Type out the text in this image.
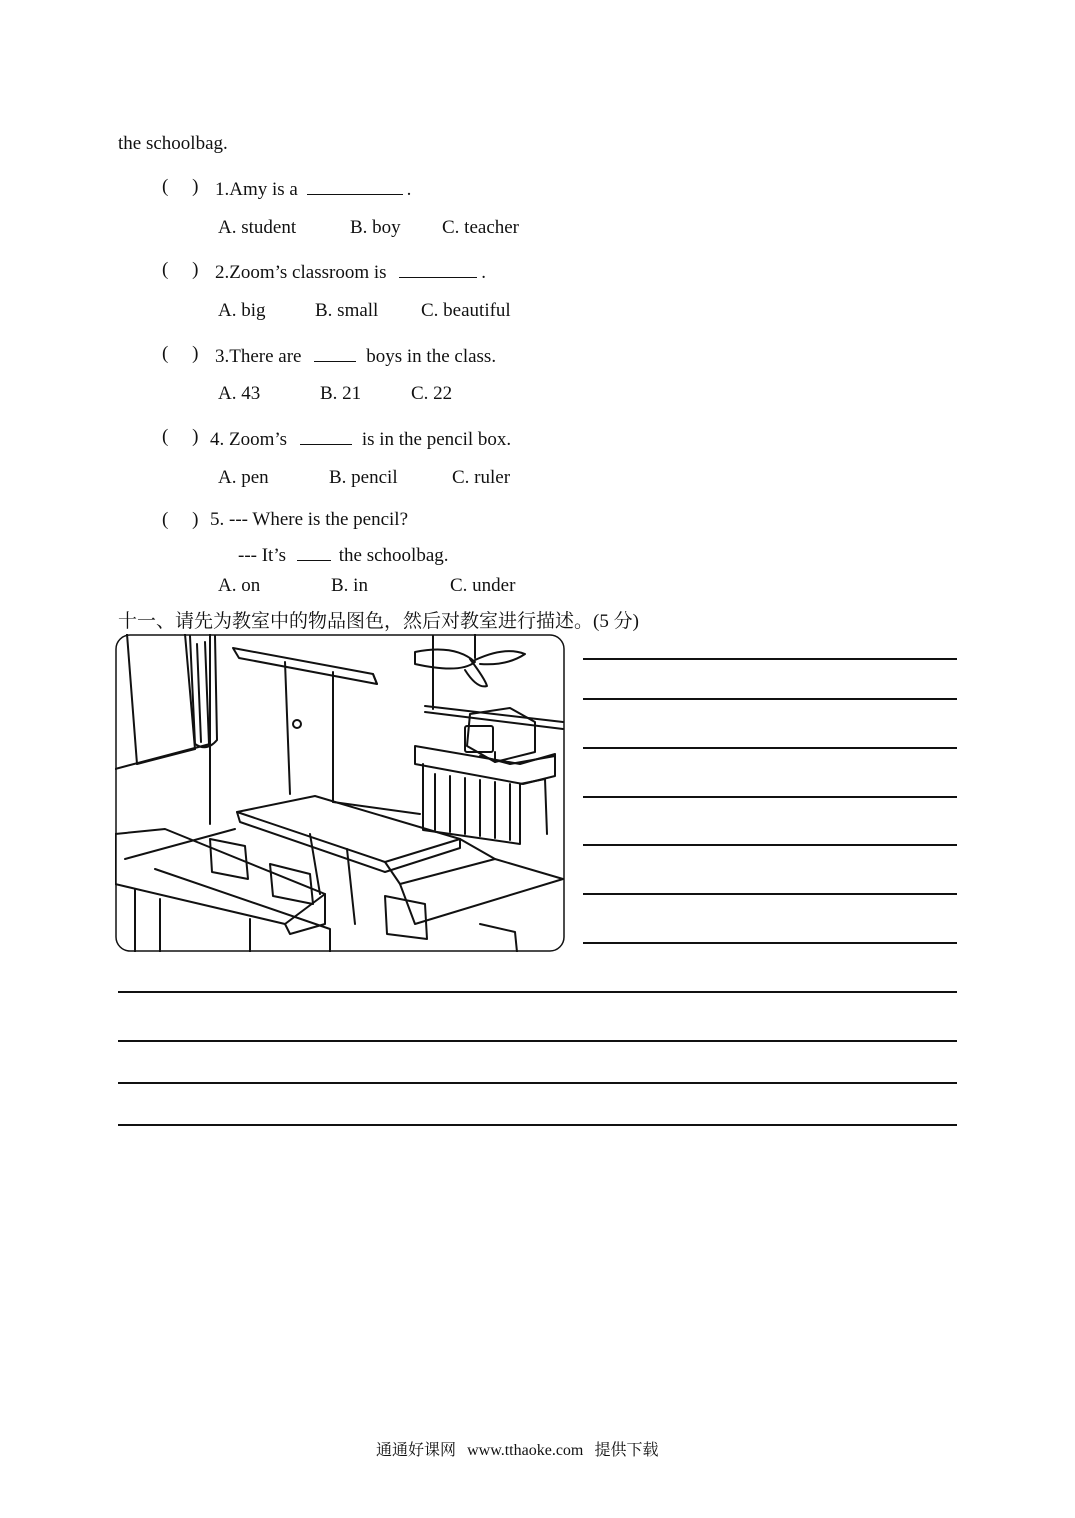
the schoolbag.
(     ) 1.Amy is a	.
A. student	B. boy C. teacher
(     ) 2.Zoom’s classroom is	.
A. big	B. small C. beautiful
(     ) 3.There are	boys in the class.
A. 43	B. 21	C. 22
(     ) 4. Zoom’s	is in the pencil box.
A. pen	B. pencil	C. ruler
(     ) 5. --- Where is the pencil?
--- It’s	the schoolbag.
A. on	B. in	C. under
十一、请先为教室中的物品图色，然后对教室进行描述。(5 分)
通通好课网 www.tthaoke.com 提供下载
